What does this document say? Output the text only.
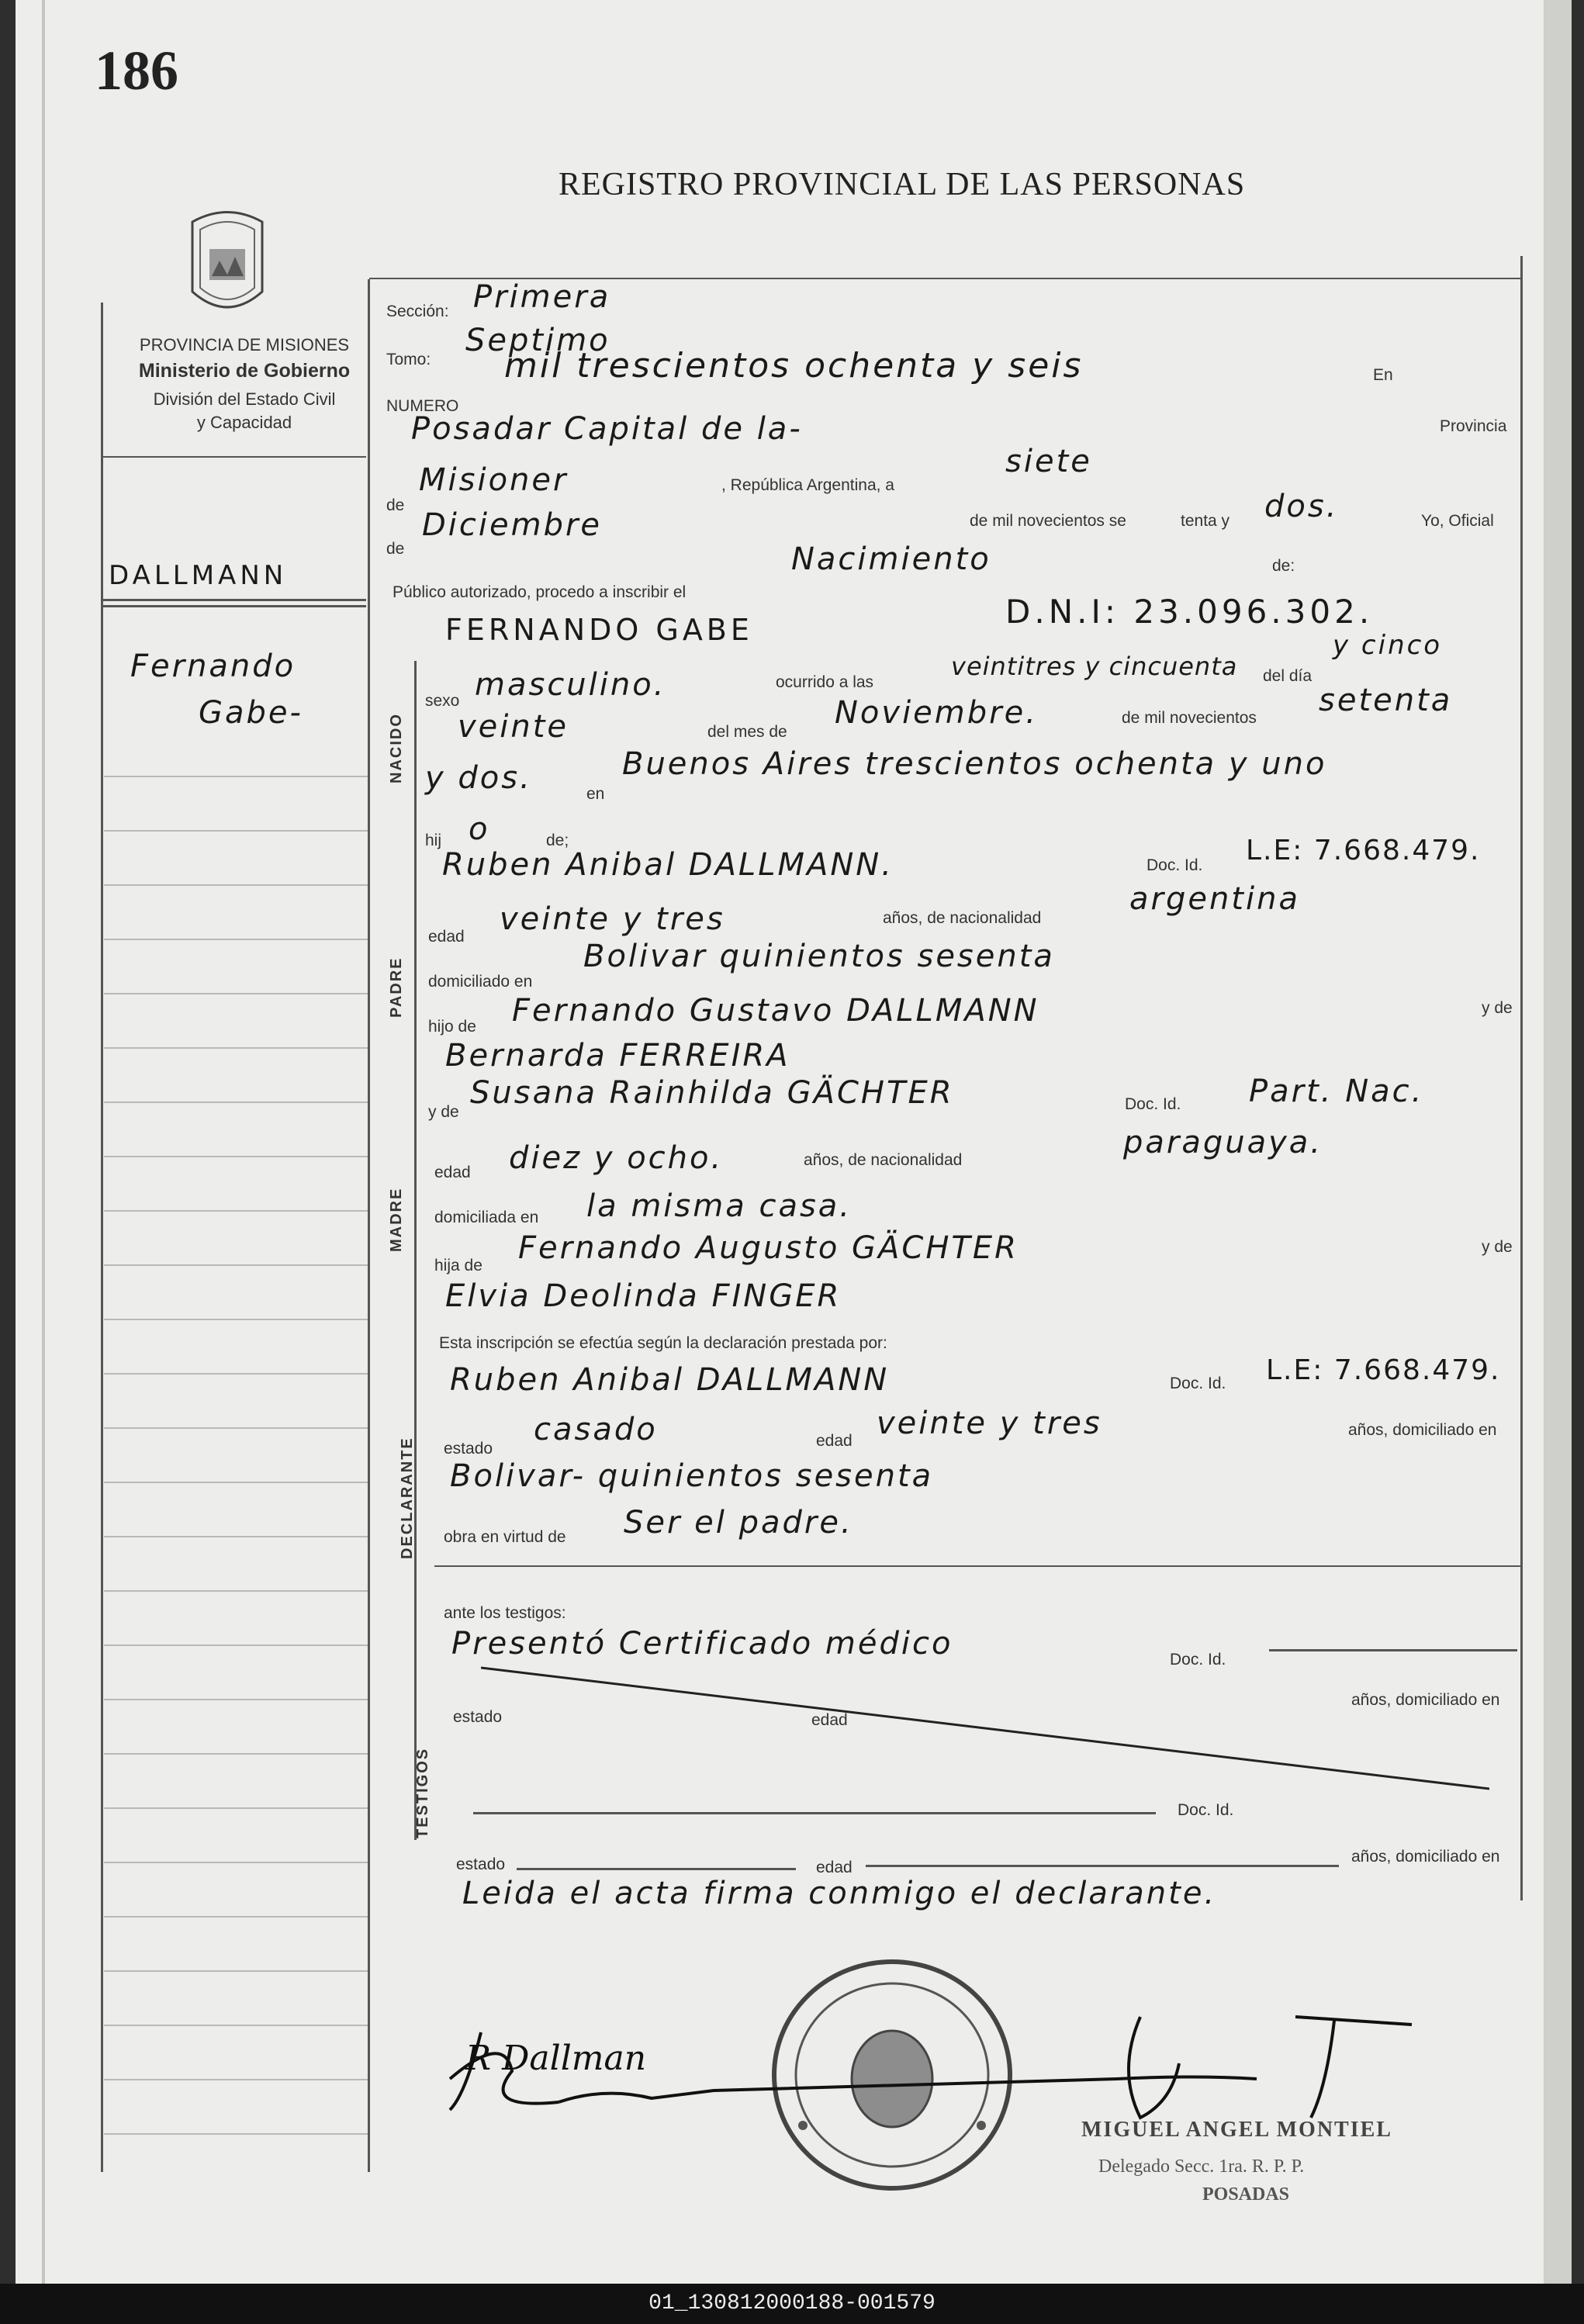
186
REGISTRO PROVINCIAL DE LAS PERSONAS
PROVINCIA DE MISIONES
Ministerio de Gobierno
División del Estado Civil
y Capacidad
DALLMANN
Fernando
Gabe-
Sección: Primera
Tomo:
Septimo
NUMERO
mil trescientos ochenta y seis	En
Posadar Capital de la-	Provincia
de
Misioner	, República Argentina, a
siete
de
Diciembre	de mil novecientos se	tenta y dos.	Yo, Oficial
Público autorizado, procedo a inscribir el
Nacimiento	de:
NACIDO
FERNANDO GABE	D.N.I: 23.096.302.
sexo masculino.	ocurrido a las
veintitres y cincuenta
y cinco
del día
veinte	del mes de
Noviembre.	de mil novecientos setenta
y dos.	en
Buenos Aires trescientos ochenta y uno
hij o	de;
PADRE
Ruben Anibal DALLMANN.	Doc. Id. L.E: 7.668.479.
edad veinte y tres	años, de nacionalidad
argentina
domiciliado en
Bolivar quinientos sesenta
hijo de Fernando Gustavo DALLMANN	y de
Bernarda FERREIRA
y de
MADRE
Susana Rainhilda GÄCHTER	Doc. Id. Part. Nac.
edad diez y ocho.	años, de nacionalidad	paraguaya.
domiciliada en la misma casa.
hija de Fernando Augusto GÄCHTER	y de
Elvia Deolinda FINGER
Esta inscripción se efectúa según la declaración prestada por:
DECLARANTE
Ruben Anibal DALLMANN	Doc. Id. L.E: 7.668.479.
estado
casado	edad veinte y tres	años, domiciliado en
Bolivar- quinientos sesenta
obra en virtud de Ser el padre.
ante los testigos:
TESTIGOS
Presentó Certificado médico	Doc. Id.
estado	edad
años, domiciliado en
Doc. Id.
estado	edad
años, domiciliado en
Leida el acta firma conmigo el declarante.
R Dallman
MIGUEL ANGEL MONTIEL
Delegado Secc. 1ra. R. P. P.
POSADAS
01_130812000188-001579
